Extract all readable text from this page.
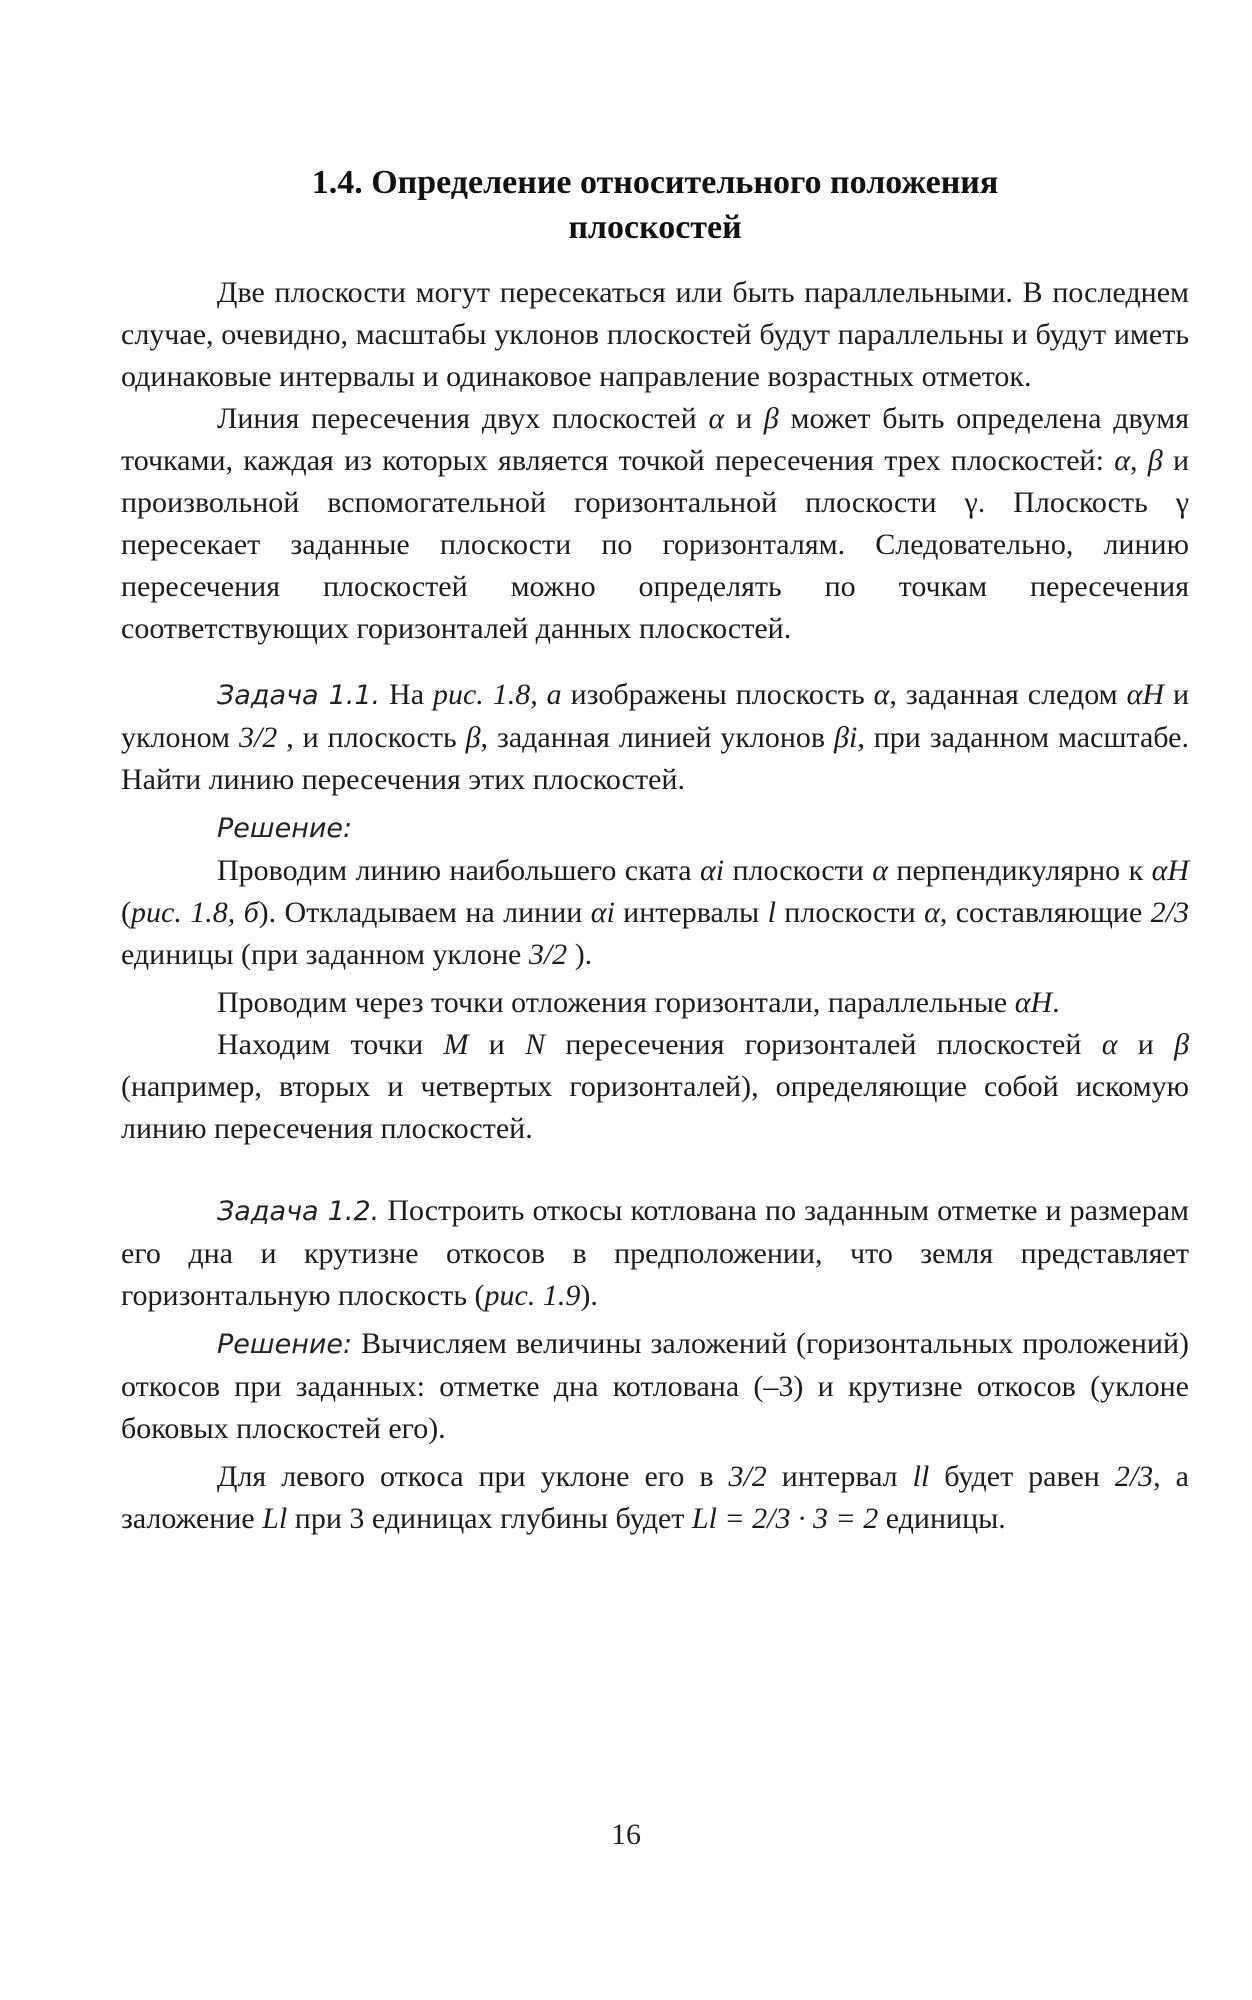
1.4. Определение относительного положения
плоскостей

Две плоскости могут пересекаться или быть параллельными. В последнем случае, очевидно, масштабы уклонов плоскостей будут параллельны и будут иметь одинаковые интервалы и одинаковое направление возрастных отметок.

Линия пересечения двух плоскостей α и β может быть определена двумя точками, каждая из которых является точкой пересечения трех плоскостей: α, β и произвольной вспомогательной горизонтальной плоскости γ. Плоскость γ пересекает заданные плоскости по горизонталям. Следовательно, линию пересечения плоскостей можно определять по точкам пересечения соответствующих горизонталей данных плоскостей.

Задача 1.1. На рис. 1.8, а изображены плоскость α, заданная следом αH и уклоном 3/2 , и плоскость β, заданная линией уклонов βi, при заданном масштабе. Найти линию пересечения этих плоскостей.

Решение:

Проводим линию наибольшего ската αi плоскости α перпендикулярно к αH (рис. 1.8, б). Откладываем на линии αi интервалы l плоскости α, составляющие 2/3 единицы (при заданном уклоне 3/2 ).

Проводим через точки отложения горизонтали, параллельные αH.

Находим точки M и N пересечения горизонталей плоскостей α и β (например, вторых и четвертых горизонталей), определяющие собой искомую линию пересечения плоскостей.

Задача 1.2. Построить откосы котлована по заданным отметке и размерам его дна и крутизне откосов в предположении, что земля представляет горизонтальную плоскость (рис. 1.9).

Решение: Вычисляем величины заложений (горизонтальных проложений) откосов при заданных: отметке дна котлована (–3) и крутизне откосов (уклоне боковых плоскостей его).

Для левого откоса при уклоне его в 3/2 интервал ll будет равен 2/3, а заложение Ll при 3 единицах глубины будет Ll = 2/3 · 3 = 2 единицы.

16
